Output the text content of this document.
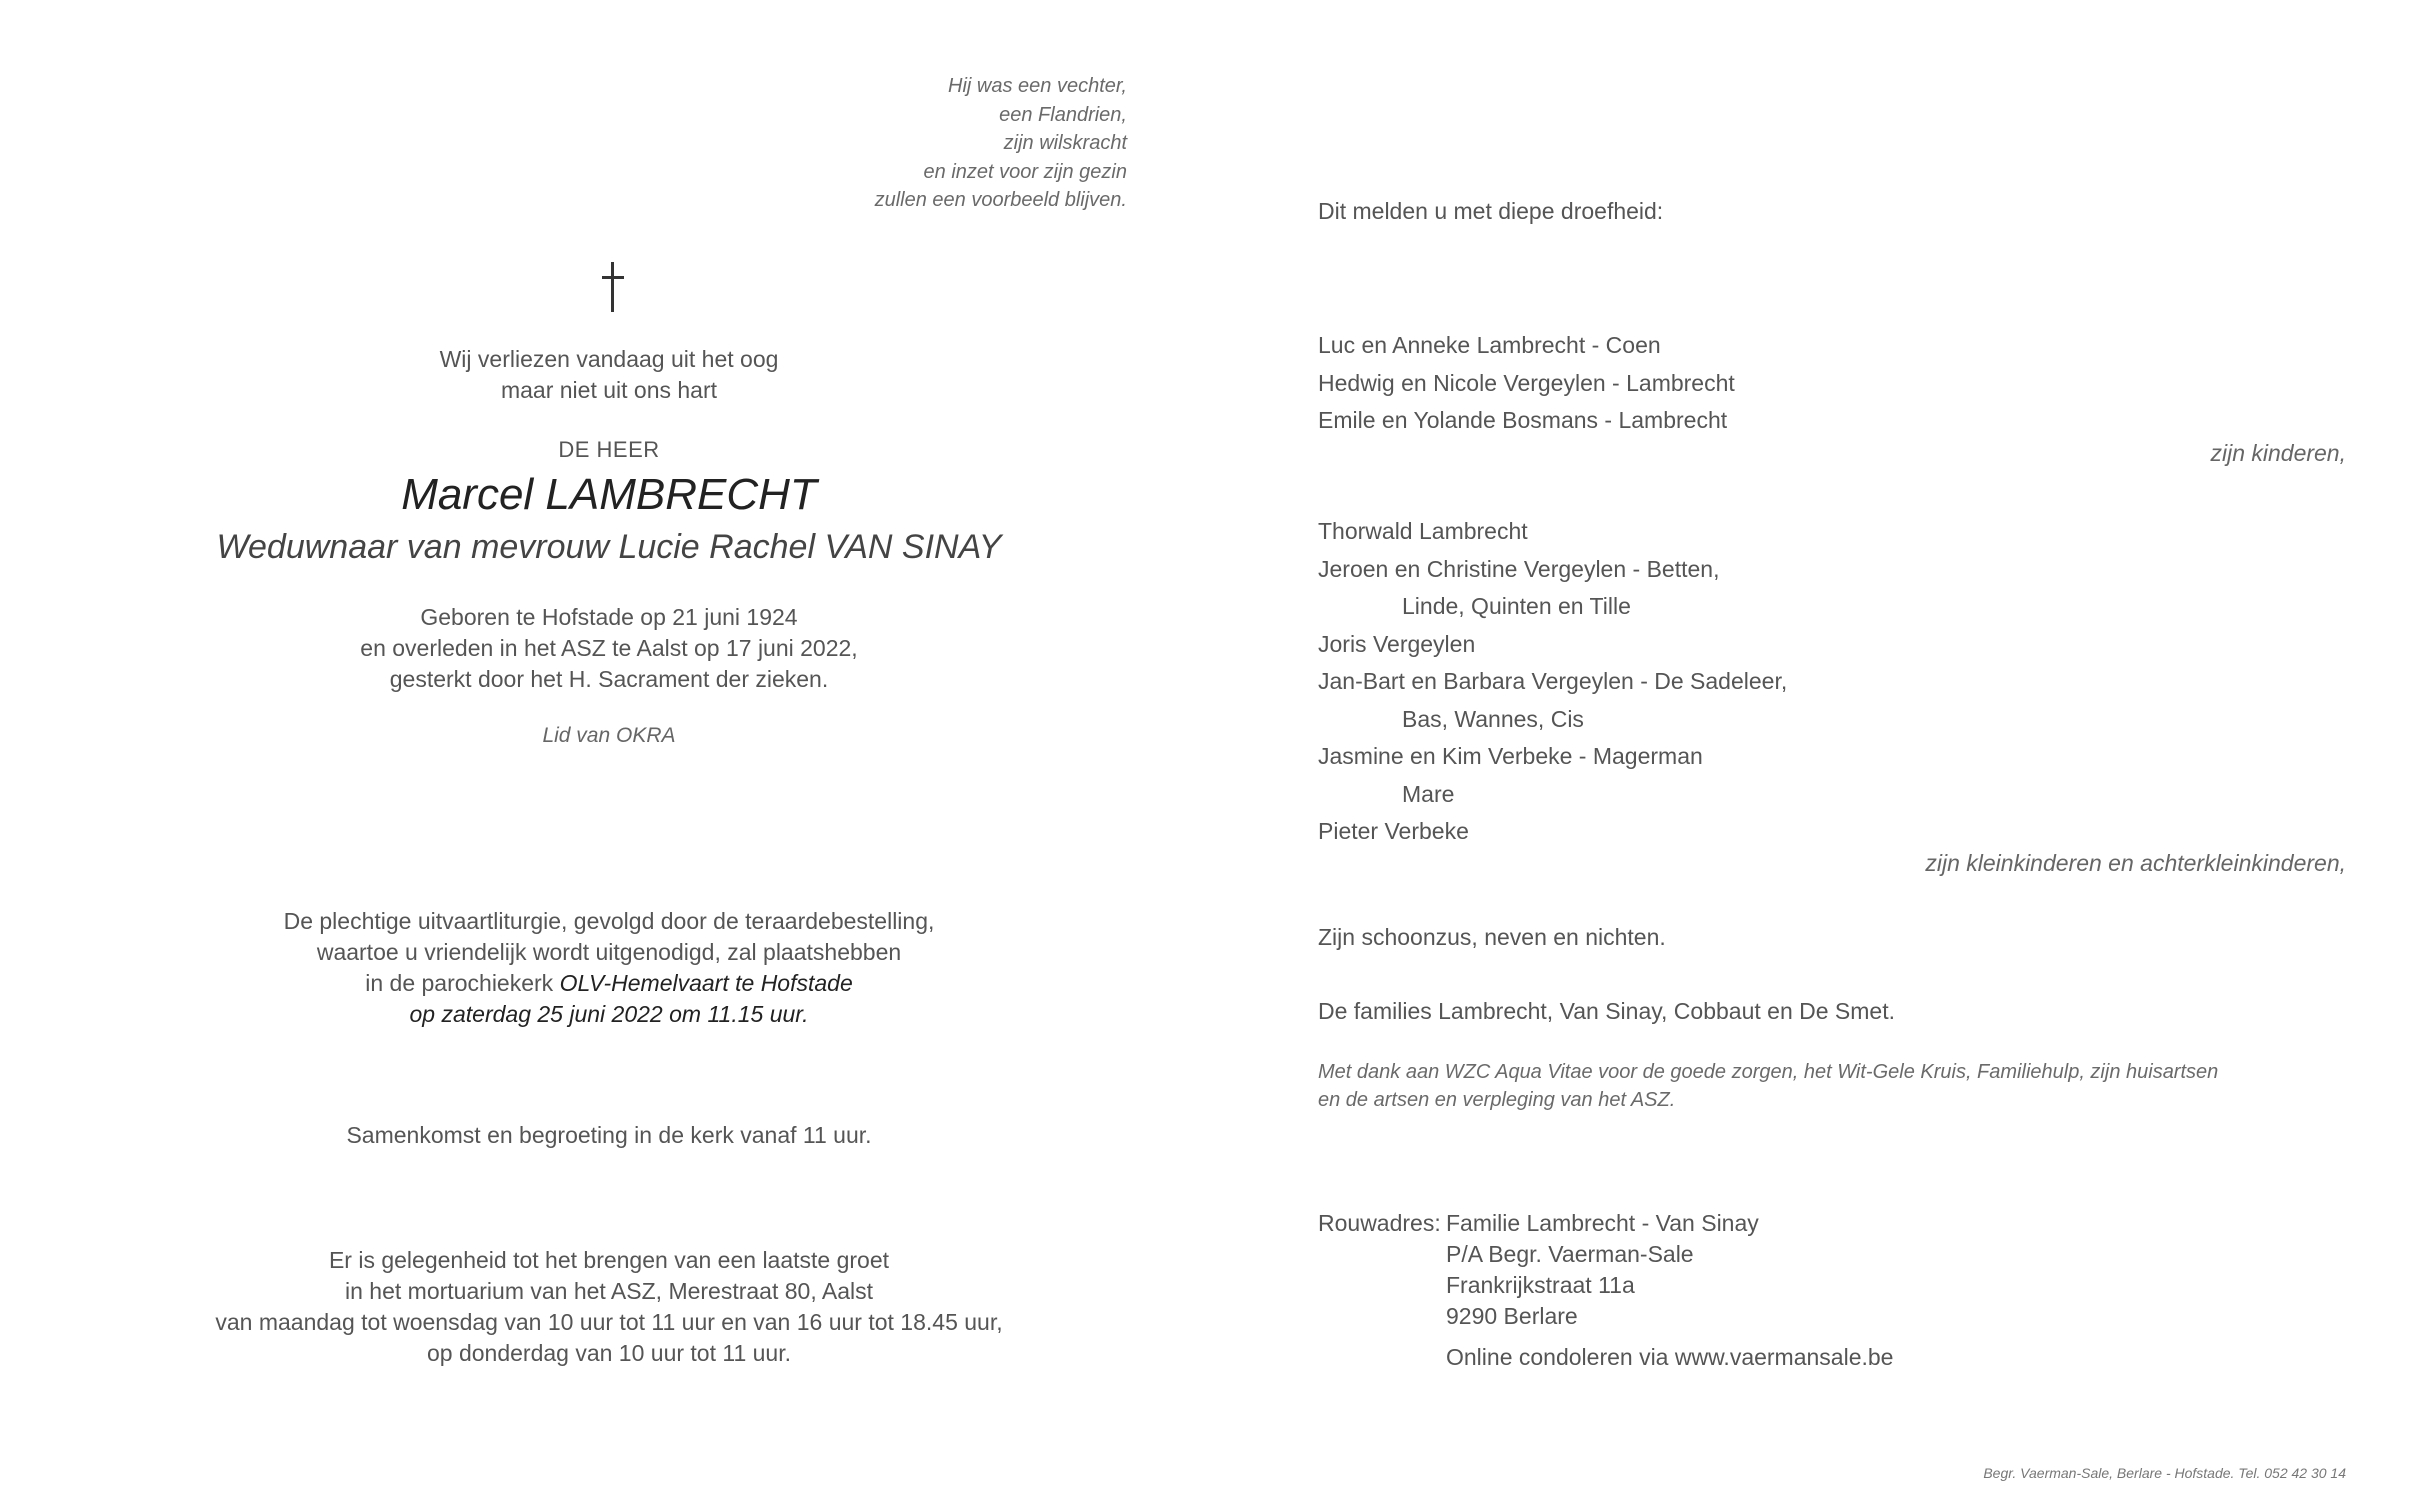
Hij was een vechter,
een Flandrien,
zijn wilskracht
en inzet voor zijn gezin
zullen een voorbeeld blijven.
Wij verliezen vandaag uit het oog
maar niet uit ons hart
DE HEER
Marcel LAMBRECHT
Weduwnaar van mevrouw Lucie Rachel VAN SINAY
Geboren te Hofstade op 21 juni 1924
en overleden in het ASZ te Aalst op 17 juni 2022,
gesterkt door het H. Sacrament der zieken.
Lid van OKRA
De plechtige uitvaartliturgie, gevolgd door de teraardebestelling,
waartoe u vriendelijk wordt uitgenodigd, zal plaatshebben
in de parochiekerk OLV-Hemelvaart te Hofstade
op zaterdag 25 juni 2022 om 11.15 uur.
Samenkomst en begroeting in de kerk vanaf 11 uur.
Er is gelegenheid tot het brengen van een laatste groet
in het mortuarium van het ASZ, Merestraat 80, Aalst
van maandag tot woensdag van 10 uur tot 11 uur en van 16 uur tot 18.45 uur,
op donderdag van 10 uur tot 11 uur.
Dit melden u met diepe droefheid:
Luc en Anneke Lambrecht - Coen
Hedwig en Nicole Vergeylen - Lambrecht
Emile en Yolande Bosmans - Lambrecht
zijn kinderen,
Thorwald Lambrecht
Jeroen en Christine Vergeylen - Betten,
Linde, Quinten en Tille
Joris Vergeylen
Jan-Bart en Barbara Vergeylen - De Sadeleer,
Bas, Wannes, Cis
Jasmine en Kim Verbeke - Magerman
Mare
Pieter Verbeke
zijn kleinkinderen en achterkleinkinderen,
Zijn schoonzus, neven en nichten.
De families Lambrecht, Van Sinay, Cobbaut en De Smet.
Met dank aan WZC Aqua Vitae voor de goede zorgen, het Wit-Gele Kruis, Familiehulp, zijn huisartsen
en de artsen en verpleging van het ASZ.
Rouwadres: Familie Lambrecht - Van Sinay
P/A Begr. Vaerman-Sale
Frankrijkstraat 11a
9290 Berlare
Online condoleren via www.vaermansale.be
Begr. Vaerman-Sale, Berlare - Hofstade. Tel. 052 42 30 14
